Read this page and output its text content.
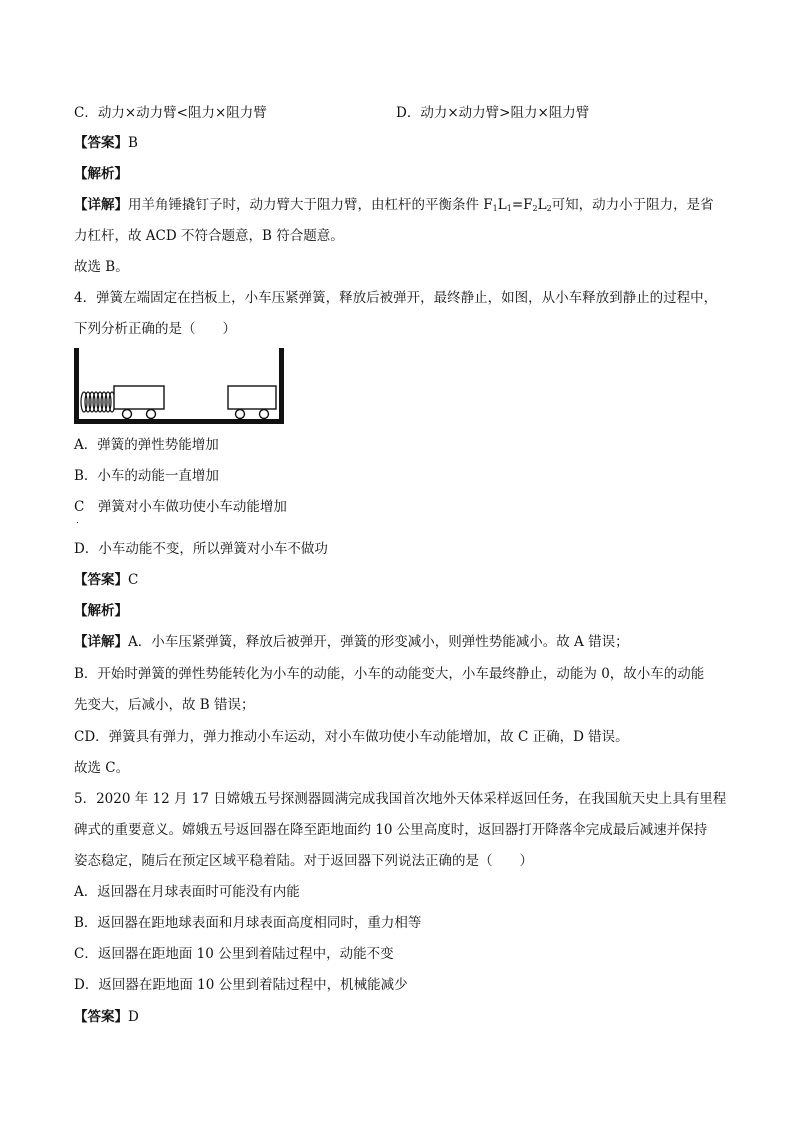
C．动力×动力臂<阻力×阻力臂	D．动力×动力臂>阻力×阻力臂
【答案】B
【解析】
【详解】用羊角锤撬钉子时，动力臂大于阻力臂，由杠杆的平衡条件 $F_1L_1=F_2L_2$可知，动力小于阻力，是省
力杠杆，故 ACD 不符合题意，B 符合题意。
故选 B。
4．弹簧左端固定在挡板上，小车压紧弹簧，释放后被弹开，最终静止，如图，从小车释放到静止的过程中，
下列分析正确的是（　　）
A．弹簧的弹性势能增加
B．小车的动能一直增加
C　弹簧对小车做功使小车动能增加
．
D．小车动能不变，所以弹簧对小车不做功
【答案】C
【解析】
【详解】A．小车压紧弹簧，释放后被弹开，弹簧的形变减小，则弹性势能减小。故 A 错误；
B．开始时弹簧的弹性势能转化为小车的动能，小车的动能变大，小车最终静止，动能为 0，故小车的动能
先变大，后减小，故 B 错误；
CD．弹簧具有弹力，弹力推动小车运动，对小车做功使小车动能增加，故 C 正确，D 错误。
故选 C。
5．2020 年 12 月 17 日嫦娥五号探测器圆满完成我国首次地外天体采样返回任务，在我国航天史上具有里程
碑式的重要意义。嫦娥五号返回器在降至距地面约 10 公里高度时，返回器打开降落伞完成最后减速并保持
姿态稳定，随后在预定区域平稳着陆。对于返回器下列说法正确的是（　　）
A．返回器在月球表面时可能没有内能
B．返回器在距地球表面和月球表面高度相同时，重力相等
C．返回器在距地面 10 公里到着陆过程中，动能不变
D．返回器在距地面 10 公里到着陆过程中，机械能减少
【答案】D
